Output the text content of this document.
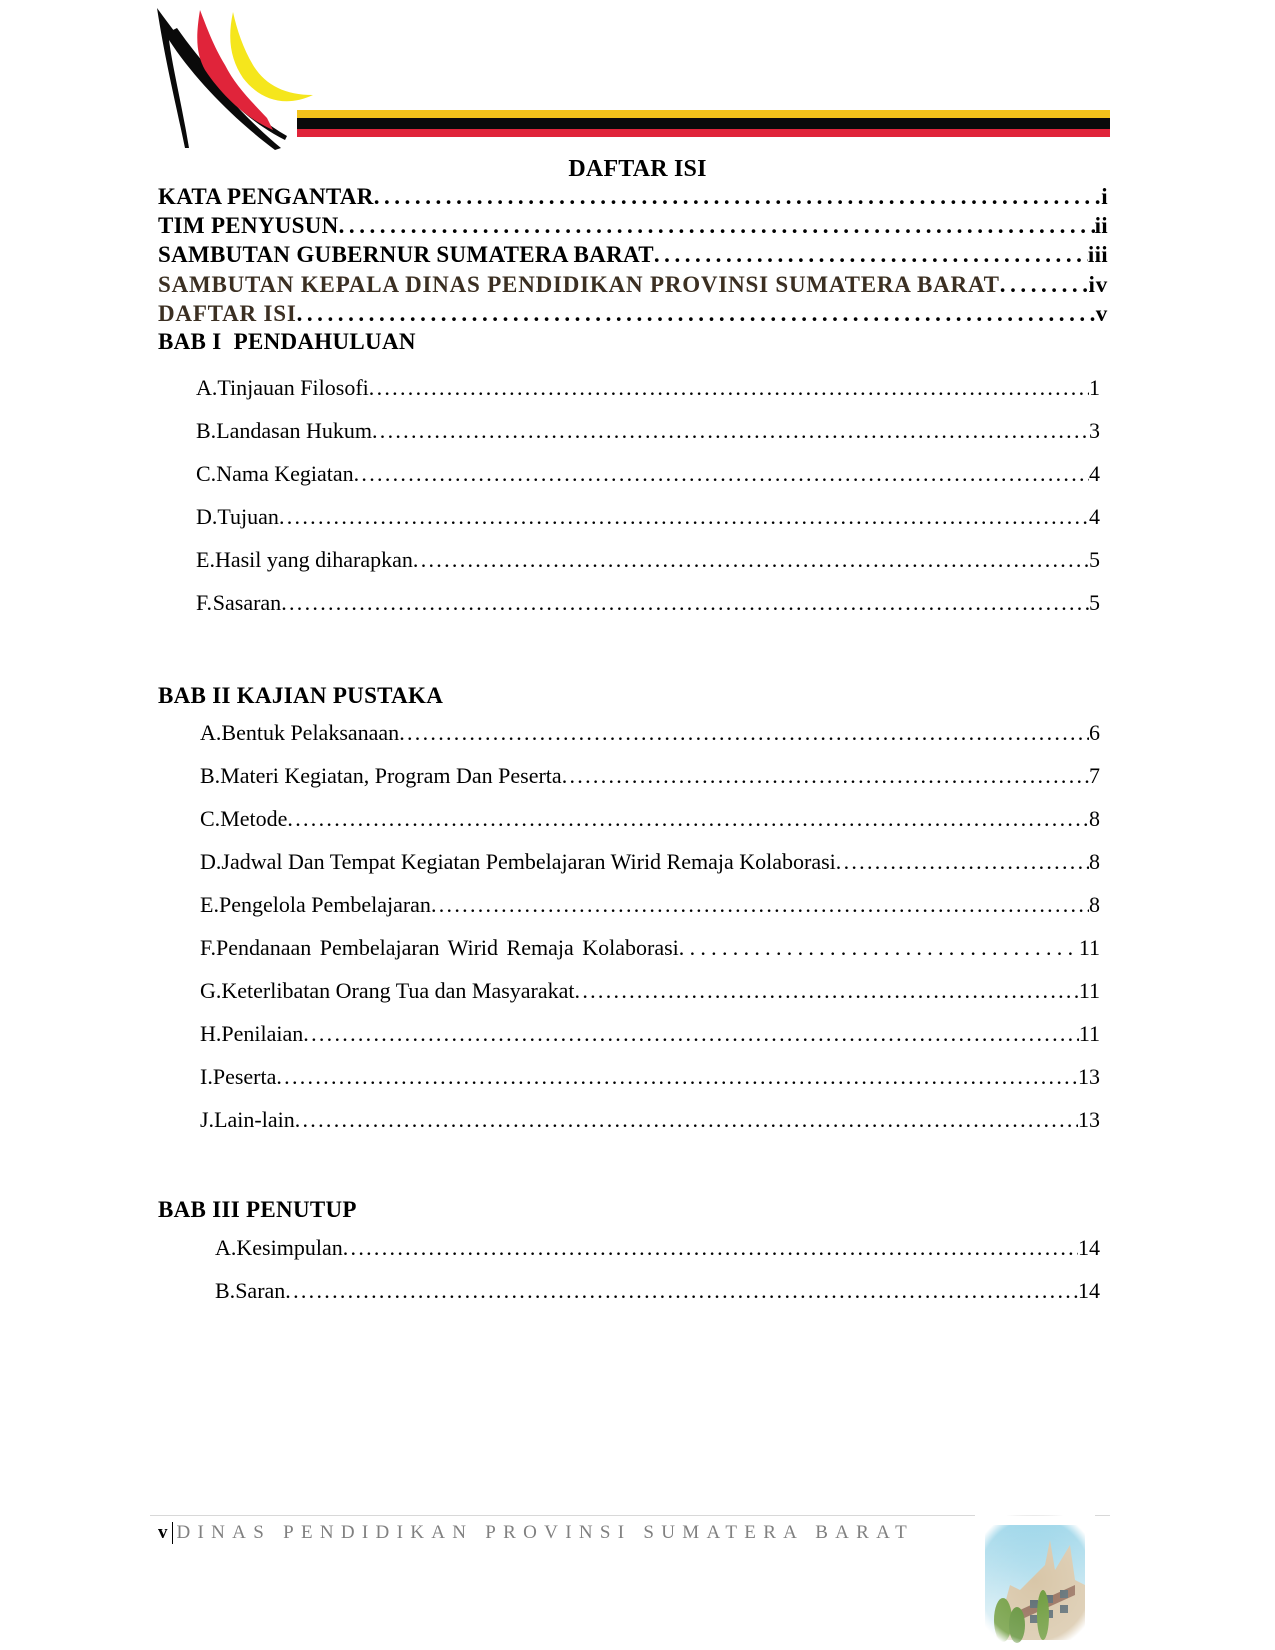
DAFTAR ISI
KATA PENGANTAR . . .	i
TIM PENYUSUN . . .	ii
SAMBUTAN GUBERNUR SUMATERA BARAT . . .	iii
SAMBUTAN KEPALA DINAS PENDIDIKAN PROVINSI SUMATERA BARAT . . .	iv
DAFTAR ISI . . .	v
BAB I  PENDAHULUAN
A. Tinjauan Filosofi . . .	1
B. Landasan Hukum . . .	3
C. Nama Kegiatan . . .	4
D. Tujuan . . .	4
E. Hasil yang diharapkan . . .	5
F. Sasaran . . .	5
BAB II KAJIAN PUSTAKA
A. Bentuk Pelaksanaan . . .	6
B. Materi Kegiatan, Program Dan Peserta . . .	7
C. Metode . . .	8
D. Jadwal Dan Tempat Kegiatan Pembelajaran Wirid Remaja Kolaborasi . . .	8
E. Pengelola Pembelajaran . . .	8
F. Pendanaan Pembelajaran Wirid Remaja Kolaborasi . . .	11
G. Keterlibatan Orang Tua dan Masyarakat . . .	11
H. Penilaian . . .	11
I. Peserta . . .	13
J. Lain-lain . . .	13
BAB III PENUTUP
A. Kesimpulan . . .	14
B. Saran . . .	14
v DINAS PENDIDIKAN PROVINSI SUMATERA BARAT
